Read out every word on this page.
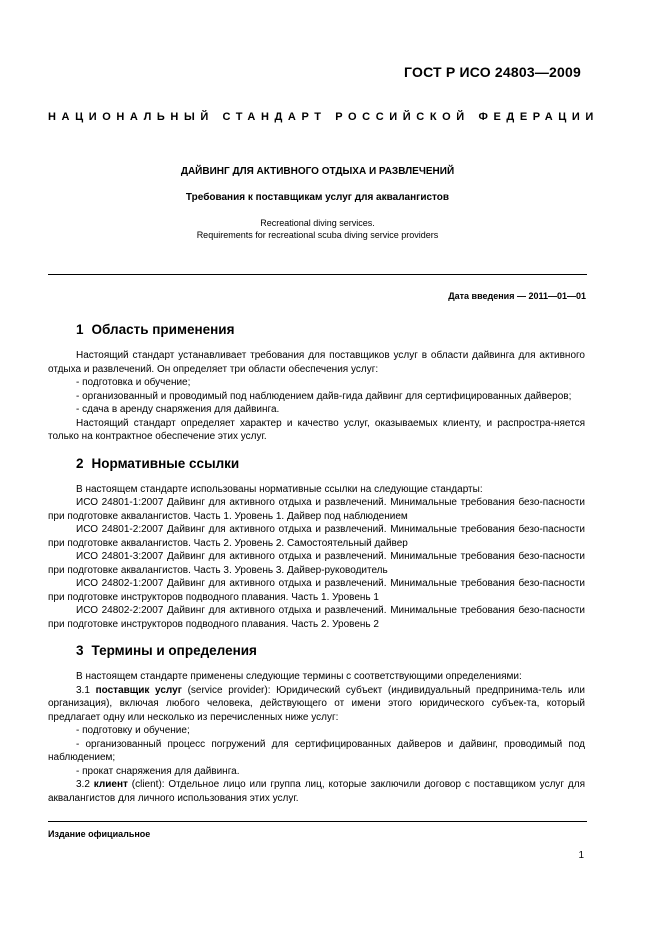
ГОСТ Р ИСО 24803—2009
НАЦИОНАЛЬНЫЙ СТАНДАРТ РОССИЙСКОЙ ФЕДЕРАЦИИ
ДАЙВИНГ ДЛЯ АКТИВНОГО ОТДЫХА И РАЗВЛЕЧЕНИЙ
Требования к поставщикам услуг для аквалангистов
Recreational diving services.
Requirements for recreational scuba diving service providers
Дата введения — 2011—01—01
1 Область применения

Настоящий стандарт устанавливает требования для поставщиков услуг в области дайвинга для активного отдыха и развлечений. Он определяет три области обеспечения услуг:

- подготовка и обучение;

- организованный и проводимый под наблюдением дайв-гида дайвинг для сертифицированных дайверов;

- сдача в аренду снаряжения для дайвинга.

Настоящий стандарт определяет характер и качество услуг, оказываемых клиенту, и распростра-няется только на контрактное обеспечение этих услуг.

2 Нормативные ссылки

В настоящем стандарте использованы нормативные ссылки на следующие стандарты:

ИСО 24801-1:2007 Дайвинг для активного отдыха и развлечений. Минимальные требования безо-пасности при подготовке аквалангистов. Часть 1. Уровень 1. Дайвер под наблюдением

ИСО 24801-2:2007 Дайвинг для активного отдыха и развлечений. Минимальные требования безо-пасности при подготовке аквалангистов. Часть 2. Уровень 2. Самостоятельный дайвер

ИСО 24801-3:2007 Дайвинг для активного отдыха и развлечений. Минимальные требования безо-пасности при подготовке аквалангистов. Часть 3. Уровень 3. Дайвер-руководитель

ИСО 24802-1:2007 Дайвинг для активного отдыха и развлечений. Минимальные требования безо-пасности при подготовке инструкторов подводного плавания. Часть 1. Уровень 1

ИСО 24802-2:2007 Дайвинг для активного отдыха и развлечений. Минимальные требования безо-пасности при подготовке инструкторов подводного плавания. Часть 2. Уровень 2

3 Термины и определения

В настоящем стандарте применены следующие термины с соответствующими определениями:

3.1 поставщик услуг (service provider): Юридический субъект (индивидуальный предпринима-тель или организация), включая любого человека, действующего от имени этого юридического субъек-та, который предлагает одну или несколько из перечисленных ниже услуг:

- подготовку и обучение;

- организованный процесс погружений для сертифицированных дайверов и дайвинг, проводимый под наблюдением;

- прокат снаряжения для дайвинга.

3.2 клиент (client): Отдельное лицо или группа лиц, которые заключили договор с поставщиком услуг для аквалангистов для личного использования этих услуг.

Издание официальное
1
